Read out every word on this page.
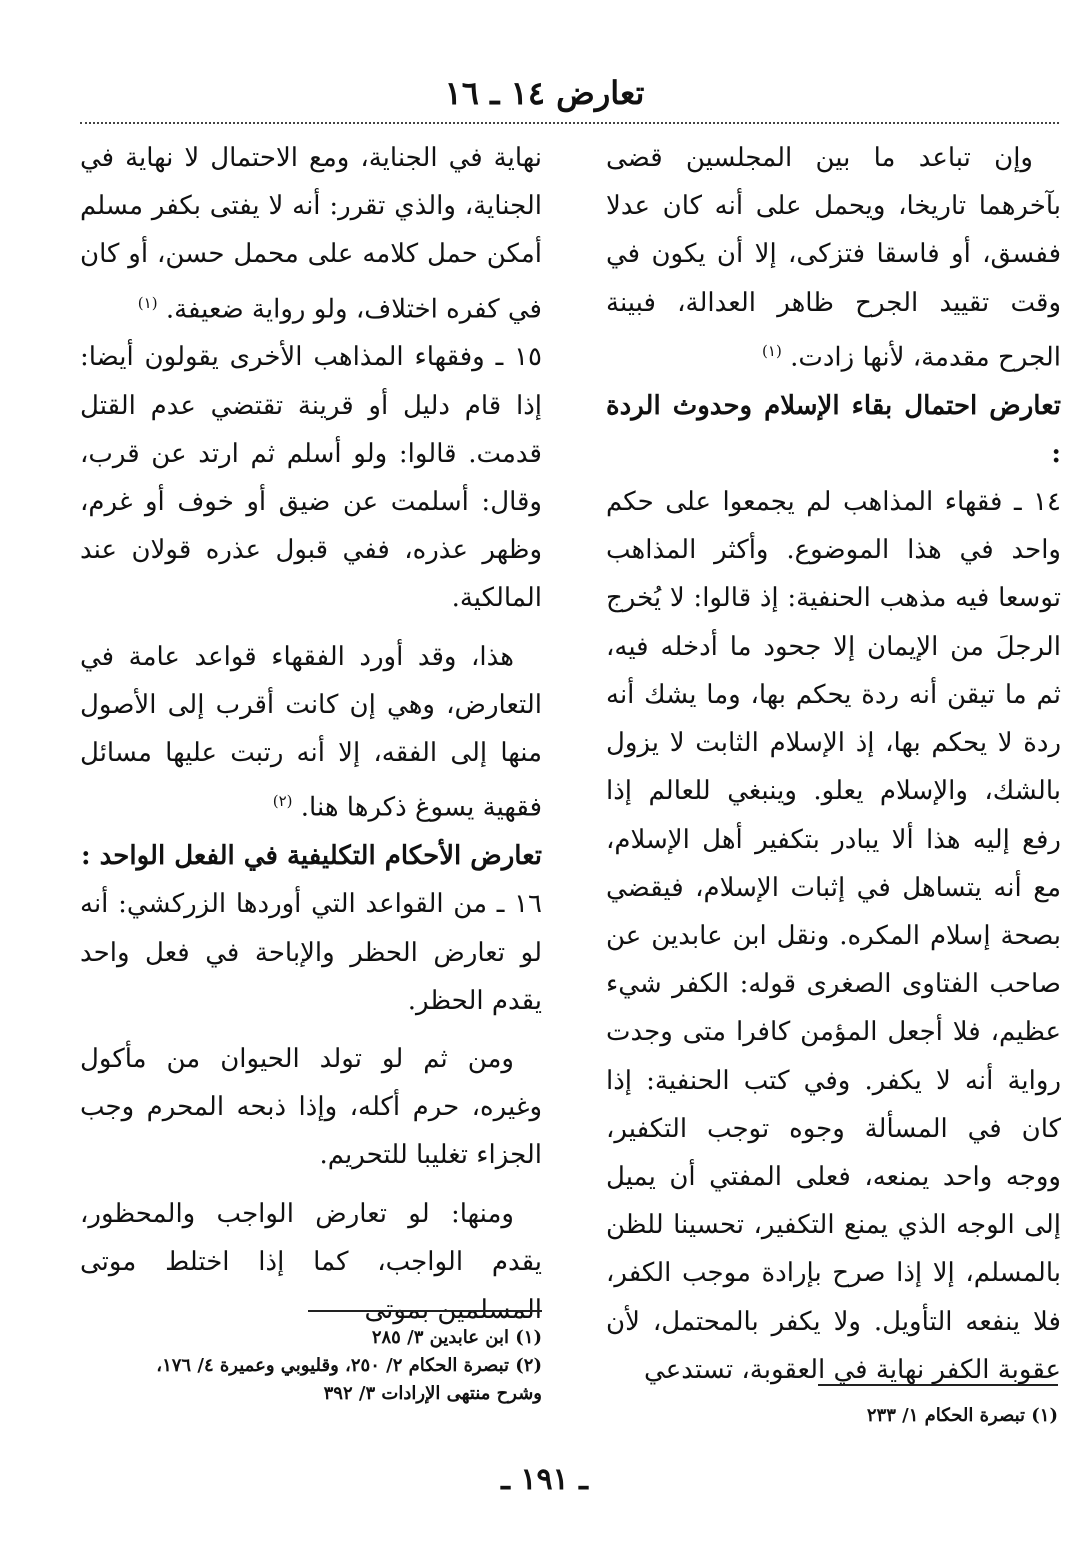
تعارض ١٤ ـ ١٦

وإن تباعد ما بين المجلسين قضى بآخرهما تاريخا، ويحمل على أنه كان عدلا ففسق، أو فاسقا فتزكى، إلا أن يكون في وقت تقييد الجرح ظاهر العدالة، فبينة الجرح مقدمة، لأنها زادت. $^{(١)}$

تعارض احتمال بقاء الإسلام وحدوث الردة :

١٤ ـ فقهاء المذاهب لم يجمعوا على حكم واحد في هذا الموضوع. وأكثر المذاهب توسعا فيه مذهب الحنفية: إذ قالوا: لا يُخرج الرجلَ من الإيمان إلا جحود ما أدخله فيه، ثم ما تيقن أنه ردة يحكم بها، وما يشك أنه ردة لا يحكم بها، إذ الإسلام الثابت لا يزول بالشك، والإسلام يعلو. وينبغي للعالم إذا رفع إليه هذا ألا يبادر بتكفير أهل الإسلام، مع أنه يتساهل في إثبات الإسلام، فيقضي بصحة إسلام المكره. ونقل ابن عابدين عن صاحب الفتاوى الصغرى قوله: الكفر شيء عظيم، فلا أجعل المؤمن كافرا متى وجدت رواية أنه لا يكفر. وفي كتب الحنفية: إذا كان في المسألة وجوه توجب التكفير، ووجه واحد يمنعه، فعلى المفتي أن يميل إلى الوجه الذي يمنع التكفير، تحسينا للظن بالمسلم، إلا إذا صرح بإرادة موجب الكفر، فلا ينفعه التأويل. ولا يكفر بالمحتمل، لأن عقوبة الكفر نهاية في العقوبة، تستدعي

نهاية في الجناية، ومع الاحتمال لا نهاية في الجناية، والذي تقرر: أنه لا يفتى بكفر مسلم أمكن حمل كلامه على محمل حسن، أو كان في كفره اختلاف، ولو رواية ضعيفة. $^{(١)}$

١٥ ـ وفقهاء المذاهب الأخرى يقولون أيضا: إذا قام دليل أو قرينة تقتضي عدم القتل قدمت. قالوا: ولو أسلم ثم ارتد عن قرب، وقال: أسلمت عن ضيق أو خوف أو غرم، وظهر عذره، ففي قبول عذره قولان عند المالكية.

هذا، وقد أورد الفقهاء قواعد عامة في التعارض، وهي إن كانت أقرب إلى الأصول منها إلى الفقه، إلا أنه رتبت عليها مسائل فقهية يسوغ ذكرها هنا. $^{(٢)}$

تعارض الأحكام التكليفية في الفعل الواحد :

١٦ ـ من القواعد التي أوردها الزركشي: أنه لو تعارض الحظر والإباحة في فعل واحد يقدم الحظر.

ومن ثم لو تولد الحيوان من مأكول وغيره، حرم أكله، وإذا ذبحه المحرم وجب الجزاء تغليبا للتحريم.

ومنها: لو تعارض الواجب والمحظور، يقدم الواجب، كما إذا اختلط موتى المسلمين بموتى

(١) تبصرة الحكام ١/ ٢٣٣
(١) ابن عابدين ٣/ ٢٨٥
(٢) تبصرة الحكام ٢/ ٢٥٠، وقليوبي وعميرة ٤/ ١٧٦،
وشرح منتهى الإرادات ٣/ ٣٩٢
ـ ١٩١ ـ
